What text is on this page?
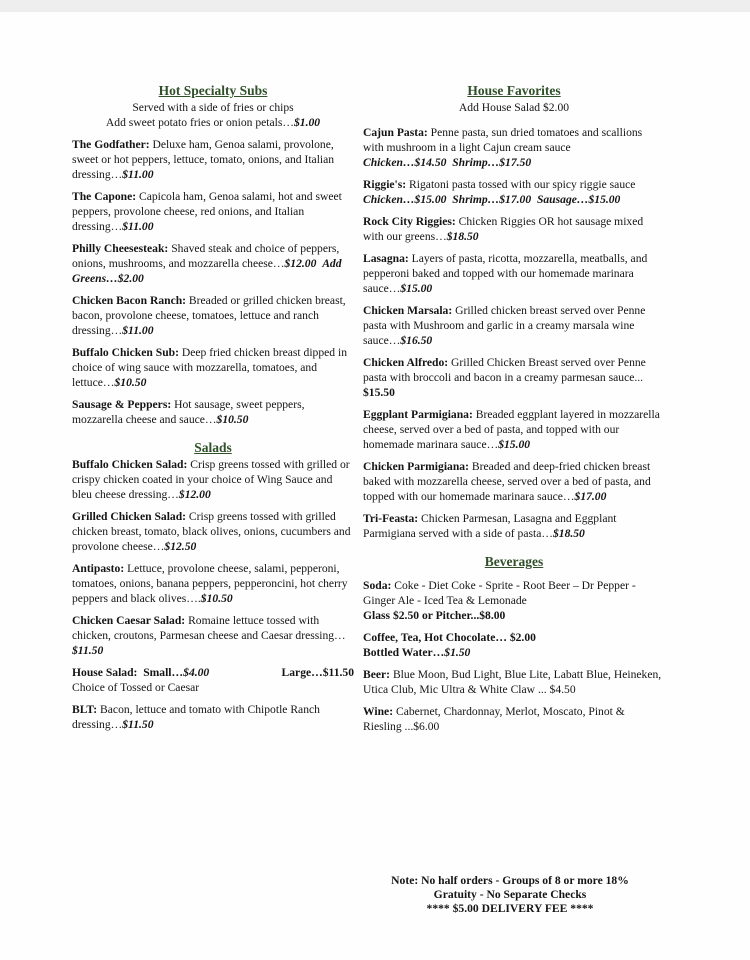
Hot Specialty Subs
Served with a side of fries or chips
Add sweet potato fries or onion petals…$1.00
The Godfather: Deluxe ham, Genoa salami, provolone, sweet or hot peppers, lettuce, tomato, onions, and Italian dressing…$11.00
The Capone: Capicola ham, Genoa salami, hot and sweet peppers, provolone cheese, red onions, and Italian dressing…$11.00
Philly Cheesesteak: Shaved steak and choice of peppers, onions, mushrooms, and mozzarella cheese…$12.00 Add Greens…$2.00
Chicken Bacon Ranch: Breaded or grilled chicken breast, bacon, provolone cheese, tomatoes, lettuce and ranch dressing…$11.00
Buffalo Chicken Sub: Deep fried chicken breast dipped in choice of wing sauce with mozzarella, tomatoes, and lettuce…$10.50
Sausage & Peppers: Hot sausage, sweet peppers, mozzarella cheese and sauce…$10.50
Salads
Buffalo Chicken Salad: Crisp greens tossed with grilled or crispy chicken coated in your choice of Wing Sauce and bleu cheese dressing…$12.00
Grilled Chicken Salad: Crisp greens tossed with grilled chicken breast, tomato, black olives, onions, cucumbers and provolone cheese…$12.50
Antipasto: Lettuce, provolone cheese, salami, pepperoni, tomatoes, onions, banana peppers, pepperoncini, hot cherry peppers and black olives….$10.50
Chicken Caesar Salad: Romaine lettuce tossed with chicken, croutons, Parmesan cheese and Caesar dressing…$11.50
House Salad: Small…$4.00	Large…$11.50
Choice of Tossed or Caesar
BLT: Bacon, lettuce and tomato with Chipotle Ranch dressing…$11.50
House Favorites
Add House Salad $2.00
Cajun Pasta: Penne pasta, sun dried tomatoes and scallions with mushroom in a light Cajun cream sauce
Chicken…$14.50 Shrimp…$17.50
Riggie's: Rigatoni pasta tossed with our spicy riggie sauce
Chicken…$15.00 Shrimp…$17.00 Sausage…$15.00
Rock City Riggies: Chicken Riggies OR hot sausage mixed with our greens…$18.50
Lasagna: Layers of pasta, ricotta, mozzarella, meatballs, and pepperoni baked and topped with our homemade marinara sauce…$15.00
Chicken Marsala: Grilled chicken breast served over Penne pasta with Mushroom and garlic in a creamy marsala wine sauce…$16.50
Chicken Alfredo: Grilled Chicken Breast served over Penne pasta with broccoli and bacon in a creamy parmesan sauce... $15.50
Eggplant Parmigiana: Breaded eggplant layered in mozzarella cheese, served over a bed of pasta, and topped with our homemade marinara sauce…$15.00
Chicken Parmigiana: Breaded and deep-fried chicken breast baked with mozzarella cheese, served over a bed of pasta, and topped with our homemade marinara sauce…$17.00
Tri-Feasta: Chicken Parmesan, Lasagna and Eggplant Parmigiana served with a side of pasta…$18.50
Beverages
Soda: Coke - Diet Coke - Sprite - Root Beer – Dr Pepper - Ginger Ale - Iced Tea & Lemonade
Glass $2.50 or Pitcher...$8.00
Coffee, Tea, Hot Chocolate… $2.00
Bottled Water…$1.50
Beer: Blue Moon, Bud Light, Blue Lite, Labatt Blue, Heineken, Utica Club, Mic Ultra & White Claw ... $4.50
Wine: Cabernet, Chardonnay, Merlot, Moscato, Pinot & Riesling ...$6.00
Note: No half orders - Groups of 8 or more 18%
Gratuity - No Separate Checks
**** $5.00 DELIVERY FEE ****
